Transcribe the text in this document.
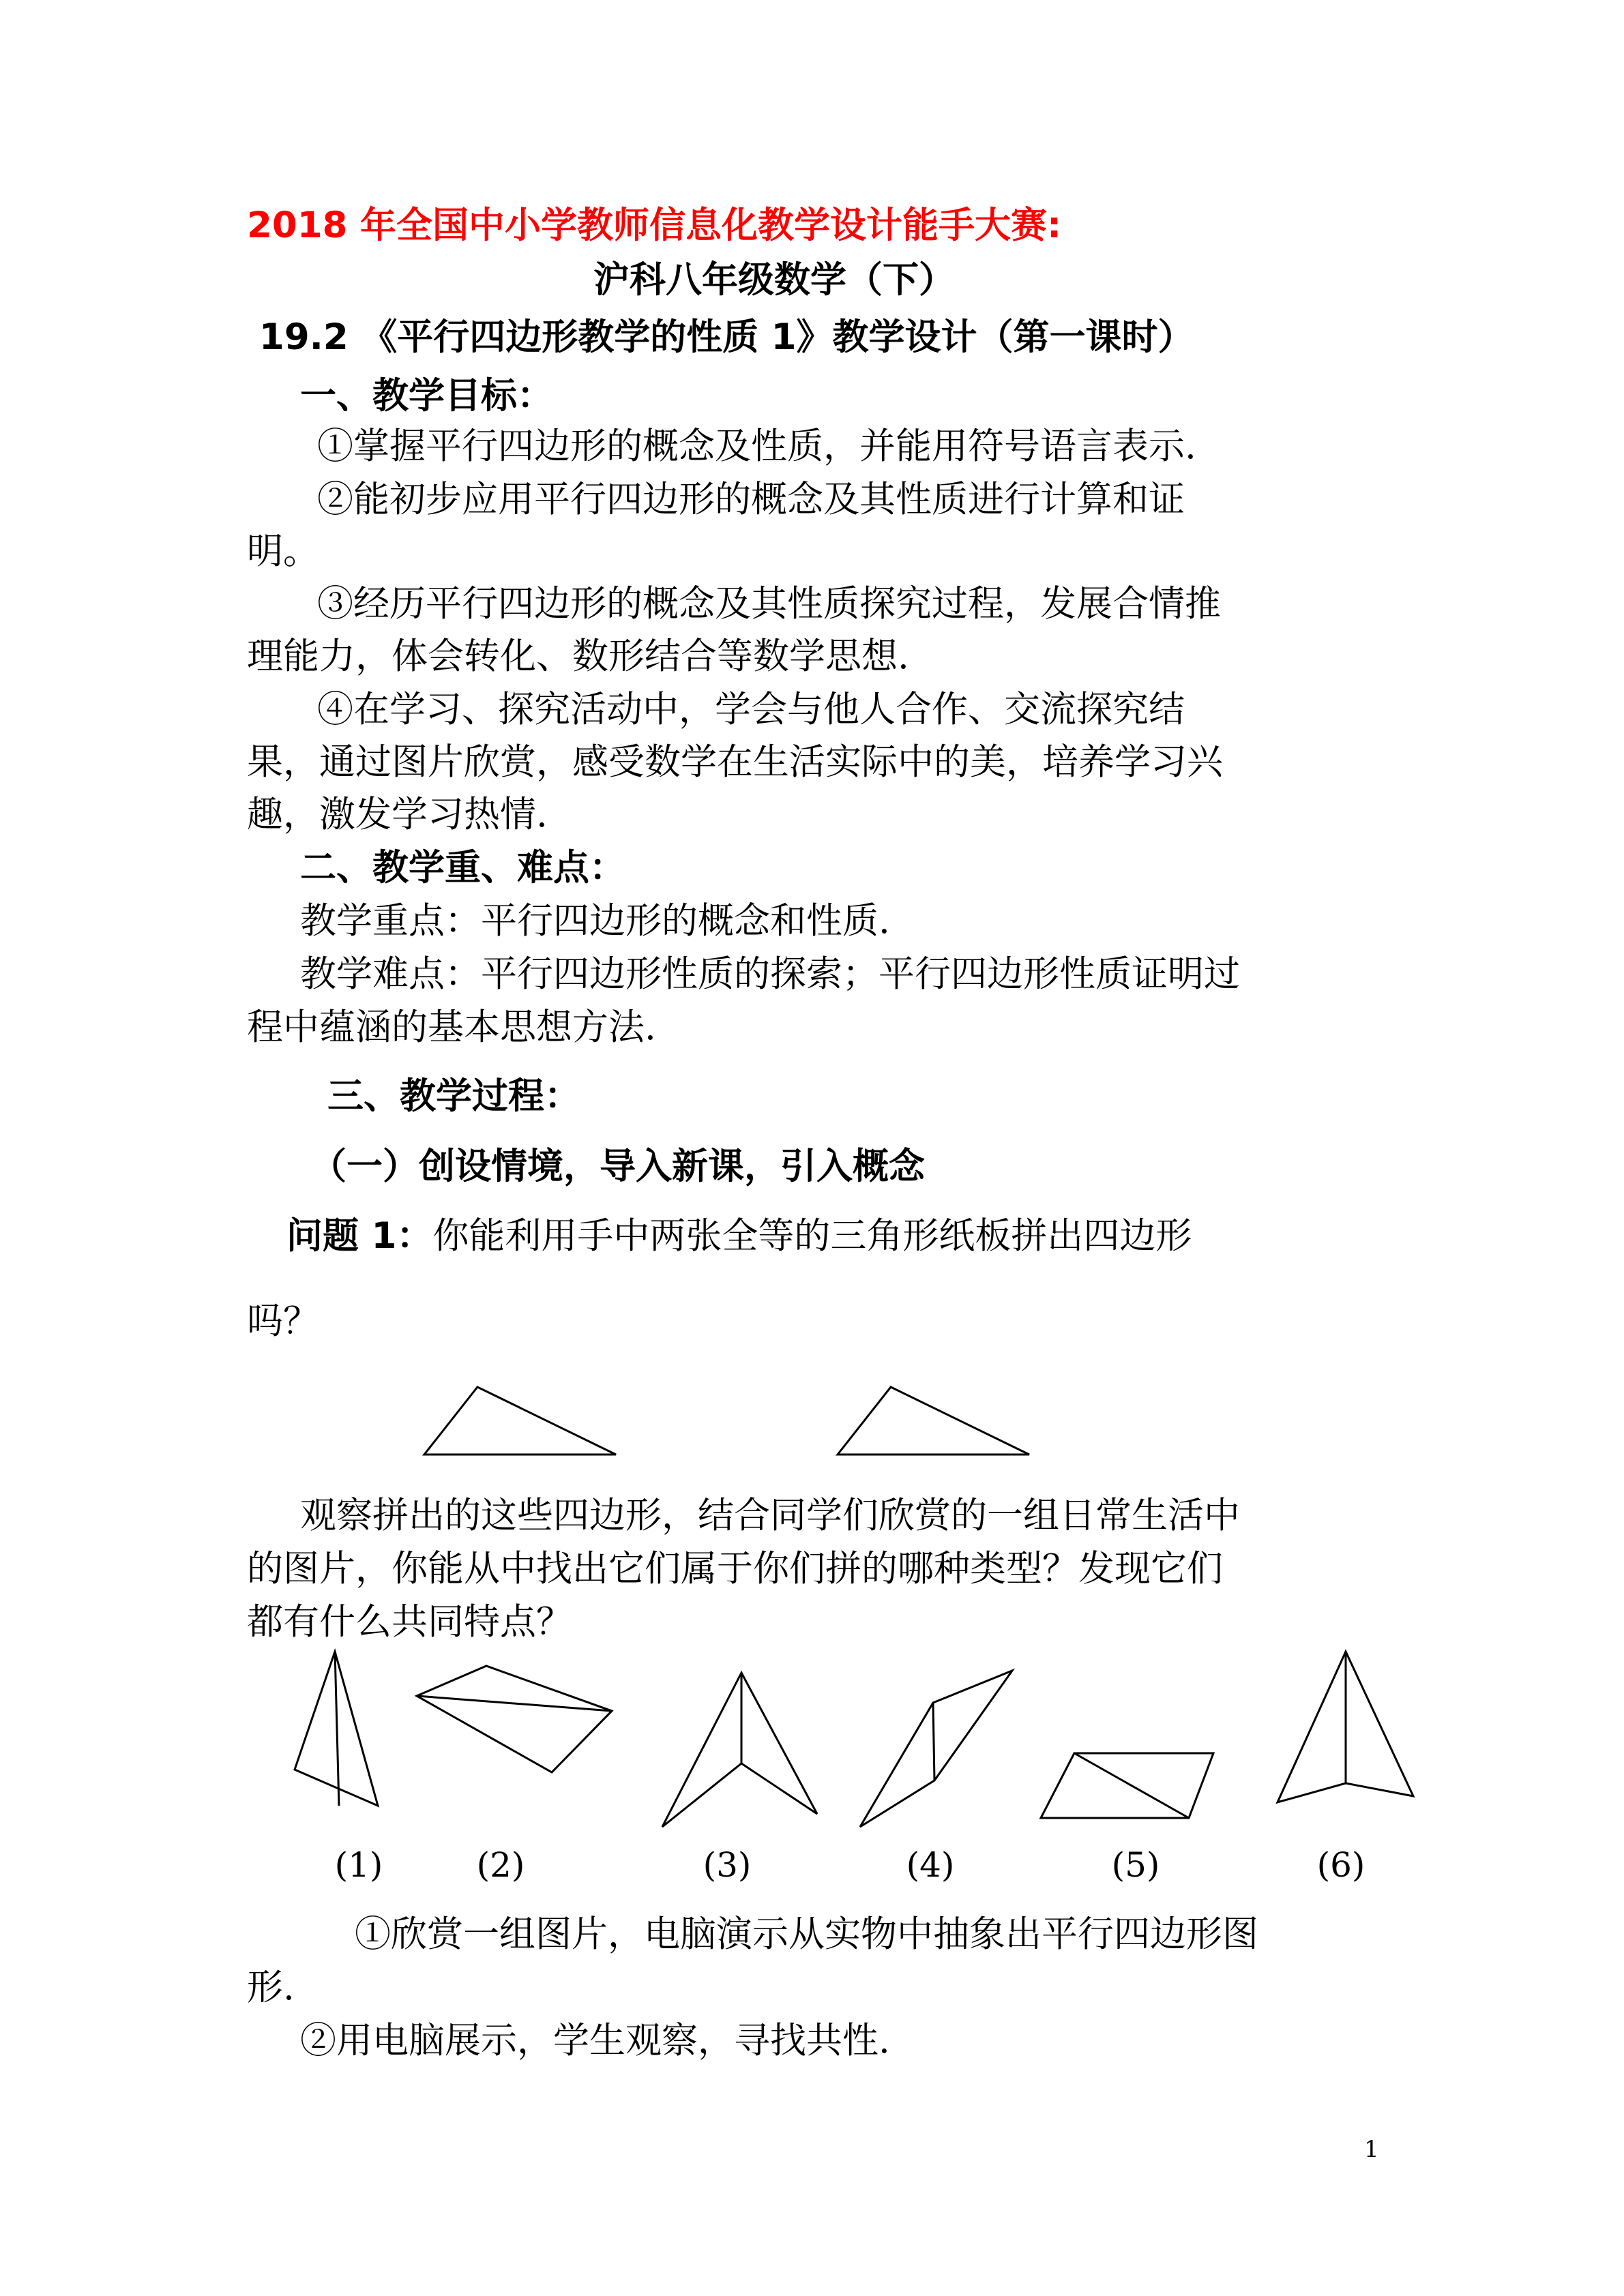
2018 年全国中小学教师信息化教学设计能手大赛:

沪科八年级数学（下）

19.2 《平行四边形教学的性质 1》教学设计（第一课时）

一、教学目标：

①掌握平行四边形的概念及性质，并能用符号语言表示.

②能初步应用平行四边形的概念及其性质进行计算和证

明。

③经历平行四边形的概念及其性质探究过程，发展合情推

理能力，体会转化、数形结合等数学思想.

④在学习、探究活动中，学会与他人合作、交流探究结

果，通过图片欣赏，感受数学在生活实际中的美，培养学习兴

趣，激发学习热情.

二、教学重、难点：

教学重点：平行四边形的概念和性质.

教学难点：平行四边形性质的探索；平行四边形性质证明过

程中蕴涵的基本思想方法.

三、教学过程：

（一）创设情境，导入新课，引入概念

问题 1：你能利用手中两张全等的三角形纸板拼出四边形

吗？

观察拼出的这些四边形，结合同学们欣赏的一组日常生活中

的图片，你能从中找出它们属于你们拼的哪种类型？发现它们

都有什么共同特点？

(1)	(2)	(3)	(4)	(5)	(6)

①欣赏一组图片，电脑演示从实物中抽象出平行四边形图

形.

②用电脑展示，学生观察，寻找共性.

1
